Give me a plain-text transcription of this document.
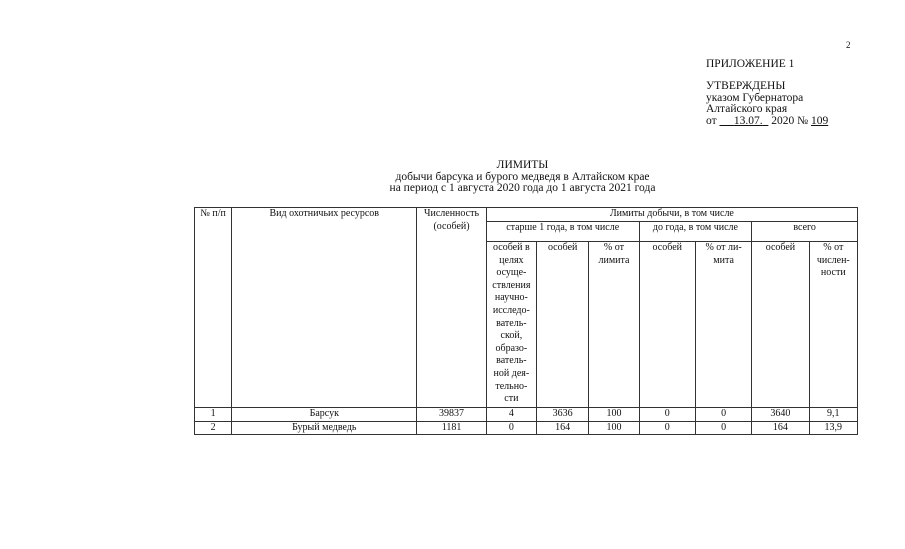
2
ПРИЛОЖЕНИЕ 1
УТВЕРЖДЕНЫ
указом Губернатора
Алтайского края
от 13.07. 2020 № 109
ЛИМИТЫ
добычи барсука и бурого медведя в Алтайском крае
на период с 1 августа 2020 года до 1 августа 2021 года
№ п/п	Вид охотничьих ресурсов	Численность (особей)	Лимиты добычи, в том числе						
			старше 1 года, в том числе			до года, в том числе		всего	
			особей в целях осуще- ствления научно- исследо- ватель- ской, образо- ватель- ной дея- тельно- сти	особей	% от лимита	особей	% от ли- мита	особей	% от числен- ности
1	Барсук	39837	4	3636	100	0	0	3640	9,1
2	Бурый медведь	1181	0	164	100	0	0	164	13,9
